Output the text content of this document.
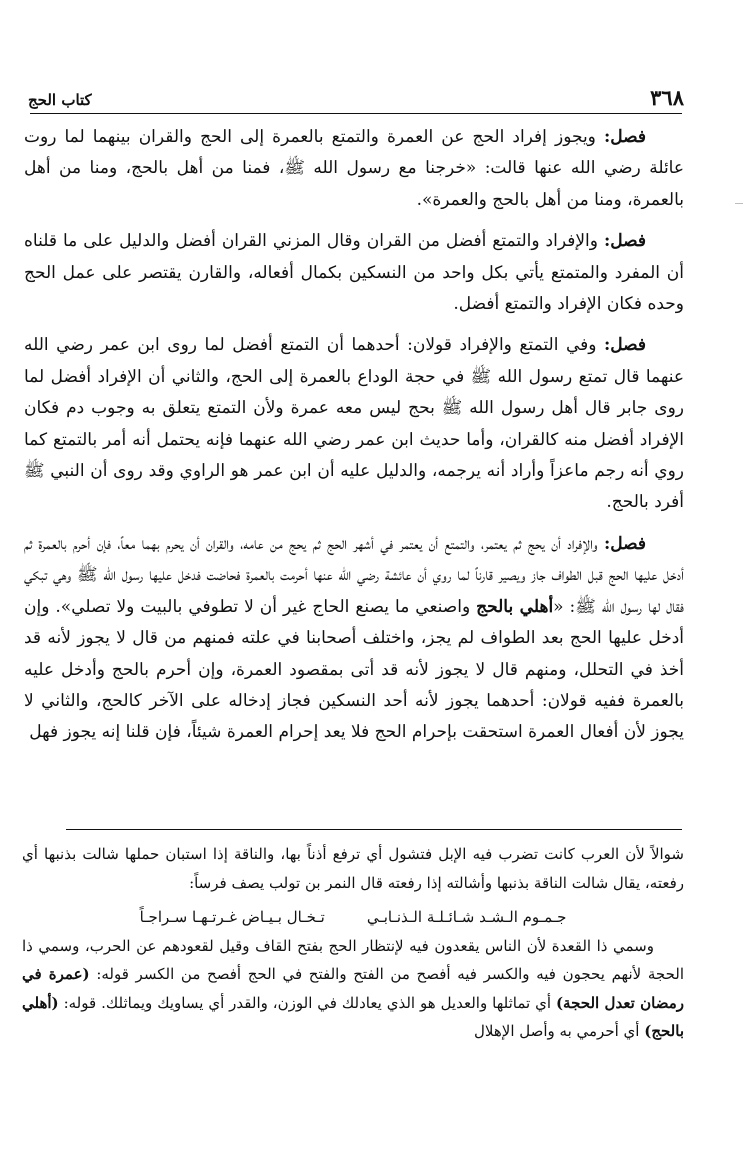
٣٦٨
كتاب الحج

فصل: ويجوز إفراد الحج عن العمرة والتمتع بالعمرة إلى الحج والقران بينهما لما روت عائلة رضي الله عنها قالت: «خرجنا مع رسول الله ﷺ، فمنا من أهل بالحج، ومنا من أهل بالعمرة، ومنا من أهل بالحج والعمرة».

فصل: والإفراد والتمتع أفضل من القران وقال المزني القران أفضل والدليل على ما قلناه أن المفرد والمتمتع يأتي بكل واحد من النسكين بكمال أفعاله، والقارن يقتصر على عمل الحج وحده فكان الإفراد والتمتع أفضل.

فصل: وفي التمتع والإفراد قولان: أحدهما أن التمتع أفضل لما روى ابن عمر رضي الله عنهما قال تمتع رسول الله ﷺ في حجة الوداع بالعمرة إلى الحج، والثاني أن الإفراد أفضل لما روى جابر قال أهل رسول الله ﷺ بحج ليس معه عمرة ولأن التمتع يتعلق به وجوب دم فكان الإفراد أفضل منه كالقران، وأما حديث ابن عمر رضي الله عنهما فإنه يحتمل أنه أمر بالتمتع كما روي أنه رجم ماعزاً وأراد أنه يرجمه، والدليل عليه أن ابن عمر هو الراوي وقد روى أن النبي ﷺ أفرد بالحج.

فصل: والإفراد أن يحج ثم يعتمر، والتمتع أن يعتمر في أشهر الحج ثم يحج من عامه، والقران أن يحرم بهما معاً، فإن أحرم بالعمرة ثم أدخل عليها الحج قبل الطواف جاز ويصير قارناً لما روي أن عائشة رضي الله عنها أحرمت بالعمرة فحاضت فدخل عليها رسول الله ﷺ وهي تبكي فقال لها رسول الله ﷺ: «أهلي بالحج واصنعي ما يصنع الحاج غير أن لا تطوفي بالبيت ولا تصلي». وإن أدخل عليها الحج بعد الطواف لم يجز، واختلف أصحابنا في علته فمنهم من قال لا يجوز لأنه قد أخذ في التحلل، ومنهم قال لا يجوز لأنه قد أتى بمقصود العمرة، وإن أحرم بالحج وأدخل عليه بالعمرة ففيه قولان: أحدهما يجوز لأنه أحد النسكين فجاز إدخاله على الآخر كالحج، والثاني لا يجوز لأن أفعال العمرة استحقت بإحرام الحج فلا يعد إحرام العمرة شيئاً، فإن قلنا إنه يجوز فهل

شوالاً لأن العرب كانت تضرب فيه الإبل فتشول أي ترفع أذناً بها، والناقة إذا استبان حملها شالت بذنبها أي رفعته، يقال شالت الناقة بذنبها وأشالته إذا رفعته قال النمر بن تولب يصف فرساً:

جـمـوم الـشـد شـائـلـة الـذنـابـي
تـخـال بـيـاض غـرتـهـا سـراجـاً

وسمي ذا القعدة لأن الناس يقعدون فيه لإنتظار الحج بفتح القاف وقيل لقعودهم عن الحرب، وسمي ذا الحجة لأنهم يحجون فيه والكسر فيه أفصح من الفتح والفتح في الحج أفصح من الكسر قوله: (عمرة في رمضان تعدل الحجة) أي تماثلها والعديل هو الذي يعادلك في الوزن، والقدر أي يساويك ويماثلك. قوله: (أهلي بالحج) أي أحرمي به وأصل الإهلال
